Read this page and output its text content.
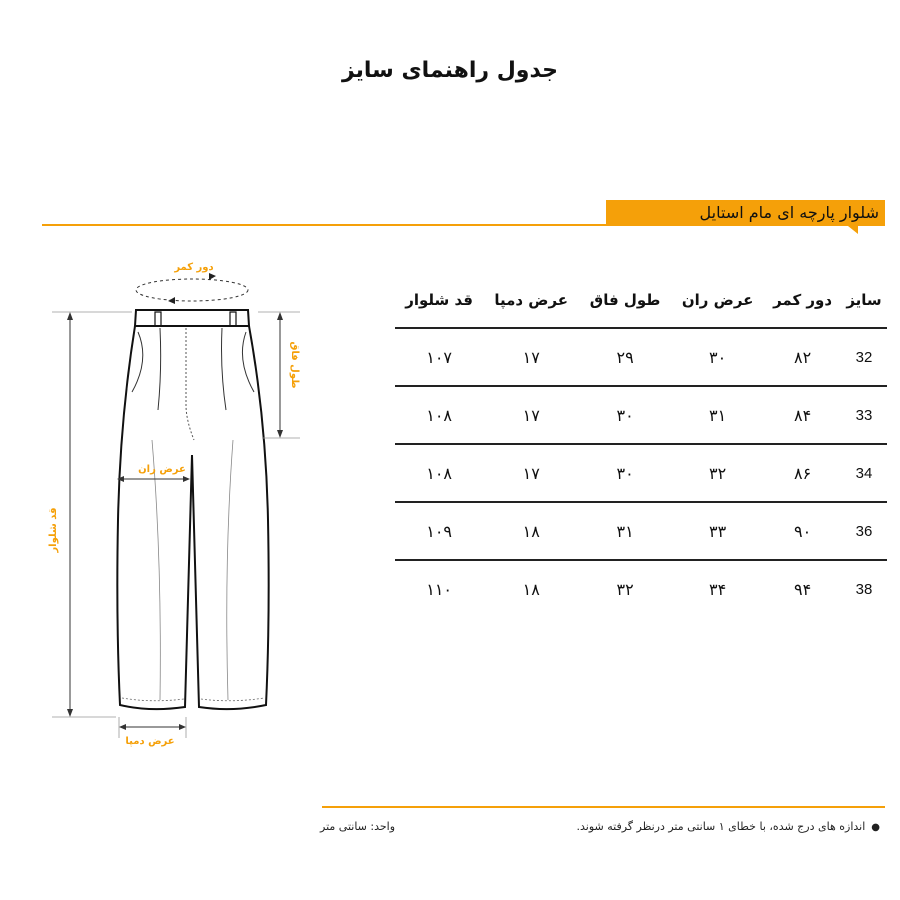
جدول راهنمای سایز
شلوار پارچه ای مام استایل
دور کمر
قد شلوار
طول فاق
عرض ران
عرض دمپا
سایز	دور کمر	عرض ران	طول فاق	عرض دمپا	قد شلوار
32	۸۲	۳۰	۲۹	۱۷	۱۰۷
33	۸۴	۳۱	۳۰	۱۷	۱۰۸
34	۸۶	۳۲	۳۰	۱۷	۱۰۸
36	۹۰	۳۳	۳۱	۱۸	۱۰۹
38	۹۴	۳۴	۳۲	۱۸	۱۱۰
●اندازه های درج شده، با خطای ۱ سانتی متر درنظر گرفته شوند.
واحد: سانتی متر
